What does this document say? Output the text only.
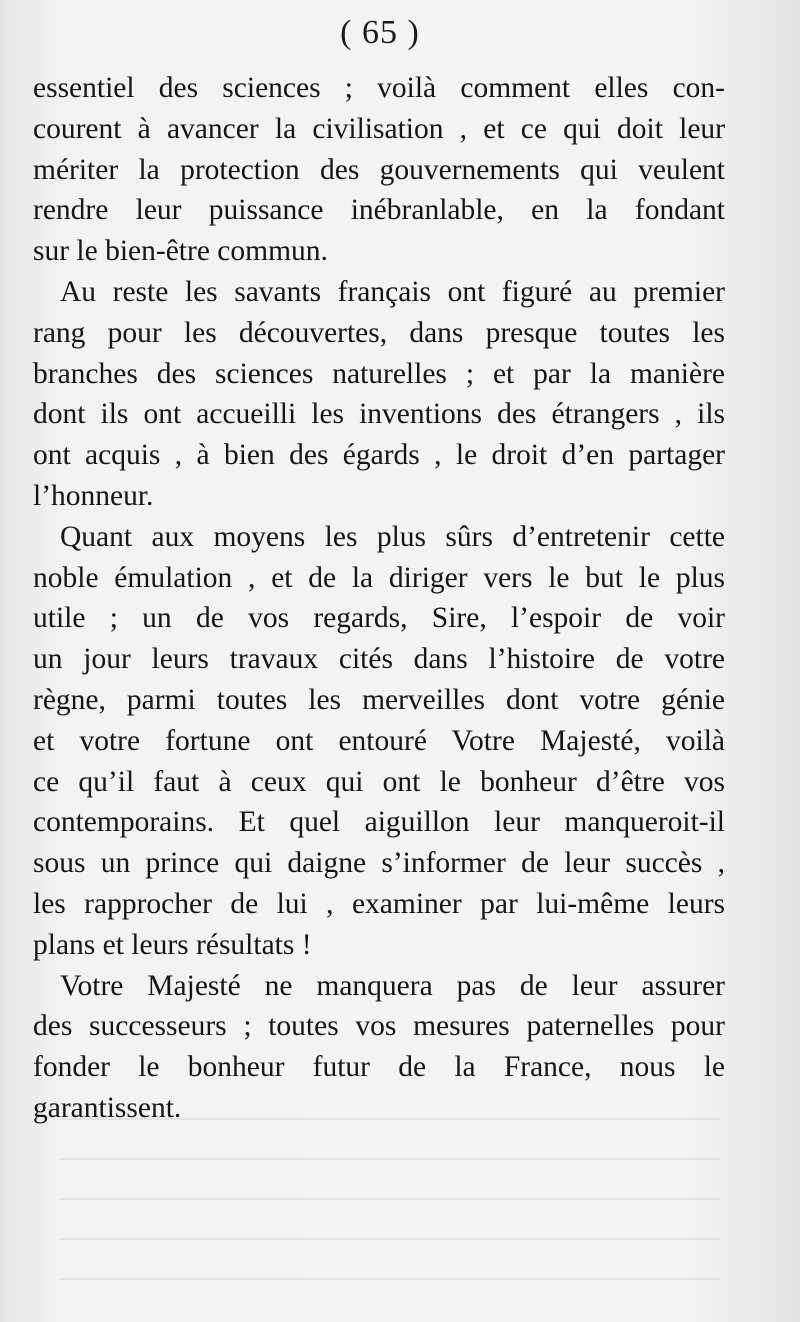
( 65 )
essentiel des sciences ; voilà comment elles con-
courent à avancer la civilisation , et ce qui doit leur
mériter la protection des gouvernements qui veulent
rendre leur puissance inébranlable, en la fondant
sur le bien-être commun.
Au reste les savants français ont figuré au premier
rang pour les découvertes, dans presque toutes les
branches des sciences naturelles ; et par la manière
dont ils ont accueilli les inventions des étrangers , ils
ont acquis , à bien des égards , le droit d’en partager
l’honneur.
Quant aux moyens les plus sûrs d’entretenir cette
noble émulation , et de la diriger vers le but le plus
utile ; un de vos regards, Sire, l’espoir de voir
un jour leurs travaux cités dans l’histoire de votre
règne, parmi toutes les merveilles dont votre génie
et votre fortune ont entouré Votre Majesté, voilà
ce qu’il faut à ceux qui ont le bonheur d’être vos
contemporains. Et quel aiguillon leur manqueroit-il
sous un prince qui daigne s’informer de leur succès ,
les rapprocher de lui , examiner par lui-même leurs
plans et leurs résultats !
Votre Majesté ne manquera pas de leur assurer
des successeurs ; toutes vos mesures paternelles pour
fonder le bonheur futur de la France, nous le
garantissent.
